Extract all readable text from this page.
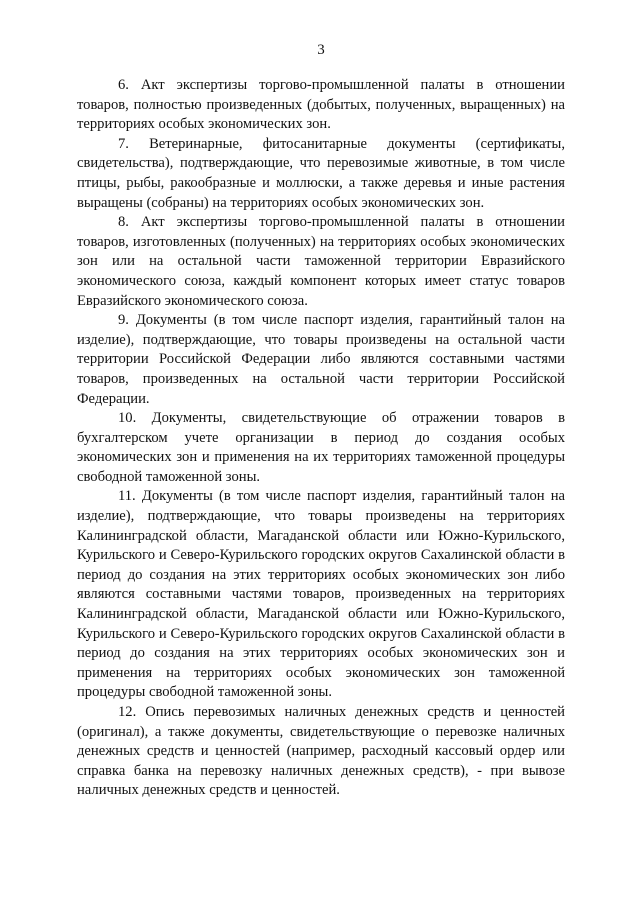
3

6. Акт экспертизы торгово-промышленной палаты в отношении товаров, полностью произведенных (добытых, полученных, выращенных) на территориях особых экономических зон.

7. Ветеринарные, фитосанитарные документы (сертификаты, свидетельства), подтверждающие, что перевозимые животные, в том числе птицы, рыбы, ракообразные и моллюски, а также деревья и иные растения выращены (собраны) на территориях особых экономических зон.

8. Акт экспертизы торгово-промышленной палаты в отношении товаров, изготовленных (полученных) на территориях особых экономических зон или на остальной части таможенной территории Евразийского экономического союза, каждый компонент которых имеет статус товаров Евразийского экономического союза.

9. Документы (в том числе паспорт изделия, гарантийный талон на изделие), подтверждающие, что товары произведены на остальной части территории Российской Федерации либо являются составными частями товаров, произведенных на остальной части территории Российской Федерации.

10. Документы, свидетельствующие об отражении товаров в бухгалтерском учете организации в период до создания особых экономических зон и применения на их территориях таможенной процедуры свободной таможенной зоны.

11. Документы (в том числе паспорт изделия, гарантийный талон на изделие), подтверждающие, что товары произведены на территориях Калининградской области, Магаданской области или Южно-Курильского, Курильского и Северо-Курильского городских округов Сахалинской области в период до создания на этих территориях особых экономических зон либо являются составными частями товаров, произведенных на территориях Калининградской области, Магаданской области или Южно-Курильского, Курильского и Северо-Курильского городских округов Сахалинской области в период до создания на этих территориях особых экономических зон и применения на территориях особых экономических зон таможенной процедуры свободной таможенной зоны.

12. Опись перевозимых наличных денежных средств и ценностей (оригинал), а также документы, свидетельствующие о перевозке наличных денежных средств и ценностей (например, расходный кассовый ордер или справка банка на перевозку наличных денежных средств), - при вывозе наличных денежных средств и ценностей.
